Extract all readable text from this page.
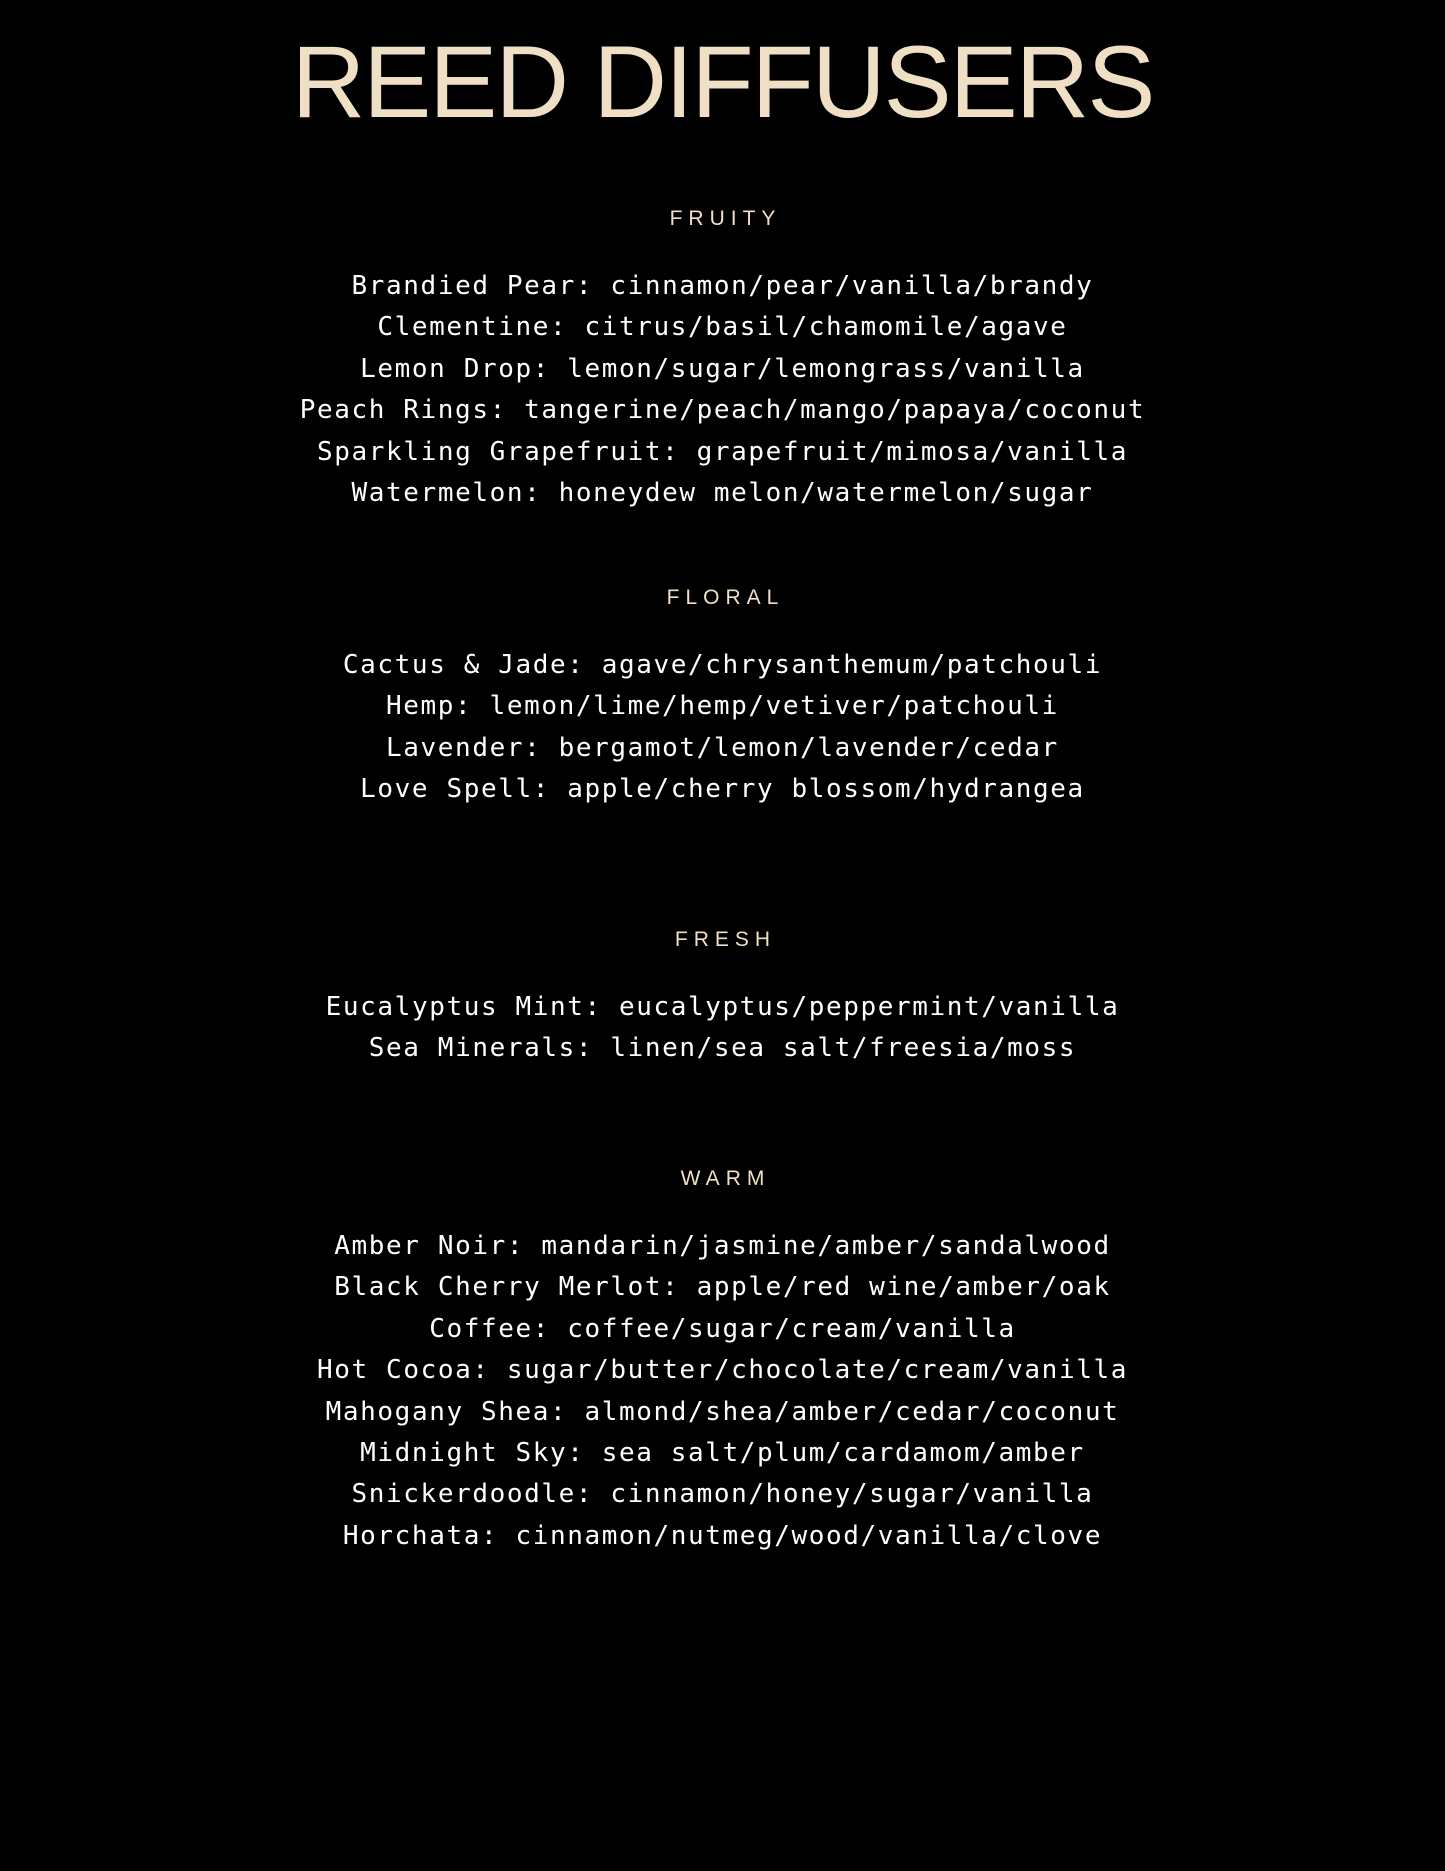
REED DIFFUSERS
FRUITY
Brandied Pear: cinnamon/pear/vanilla/brandy
Clementine: citrus/basil/chamomile/agave
Lemon Drop: lemon/sugar/lemongrass/vanilla
Peach Rings: tangerine/peach/mango/papaya/coconut
Sparkling Grapefruit: grapefruit/mimosa/vanilla
Watermelon: honeydew melon/watermelon/sugar
FLORAL
Cactus & Jade: agave/chrysanthemum/patchouli
Hemp: lemon/lime/hemp/vetiver/patchouli
Lavender: bergamot/lemon/lavender/cedar
Love Spell: apple/cherry blossom/hydrangea
FRESH
Eucalyptus Mint: eucalyptus/peppermint/vanilla
Sea Minerals: linen/sea salt/freesia/moss
WARM
Amber Noir: mandarin/jasmine/amber/sandalwood
Black Cherry Merlot: apple/red wine/amber/oak
Coffee: coffee/sugar/cream/vanilla
Hot Cocoa: sugar/butter/chocolate/cream/vanilla
Mahogany Shea: almond/shea/amber/cedar/coconut
Midnight Sky: sea salt/plum/cardamom/amber
Snickerdoodle: cinnamon/honey/sugar/vanilla
Horchata: cinnamon/nutmeg/wood/vanilla/clove
